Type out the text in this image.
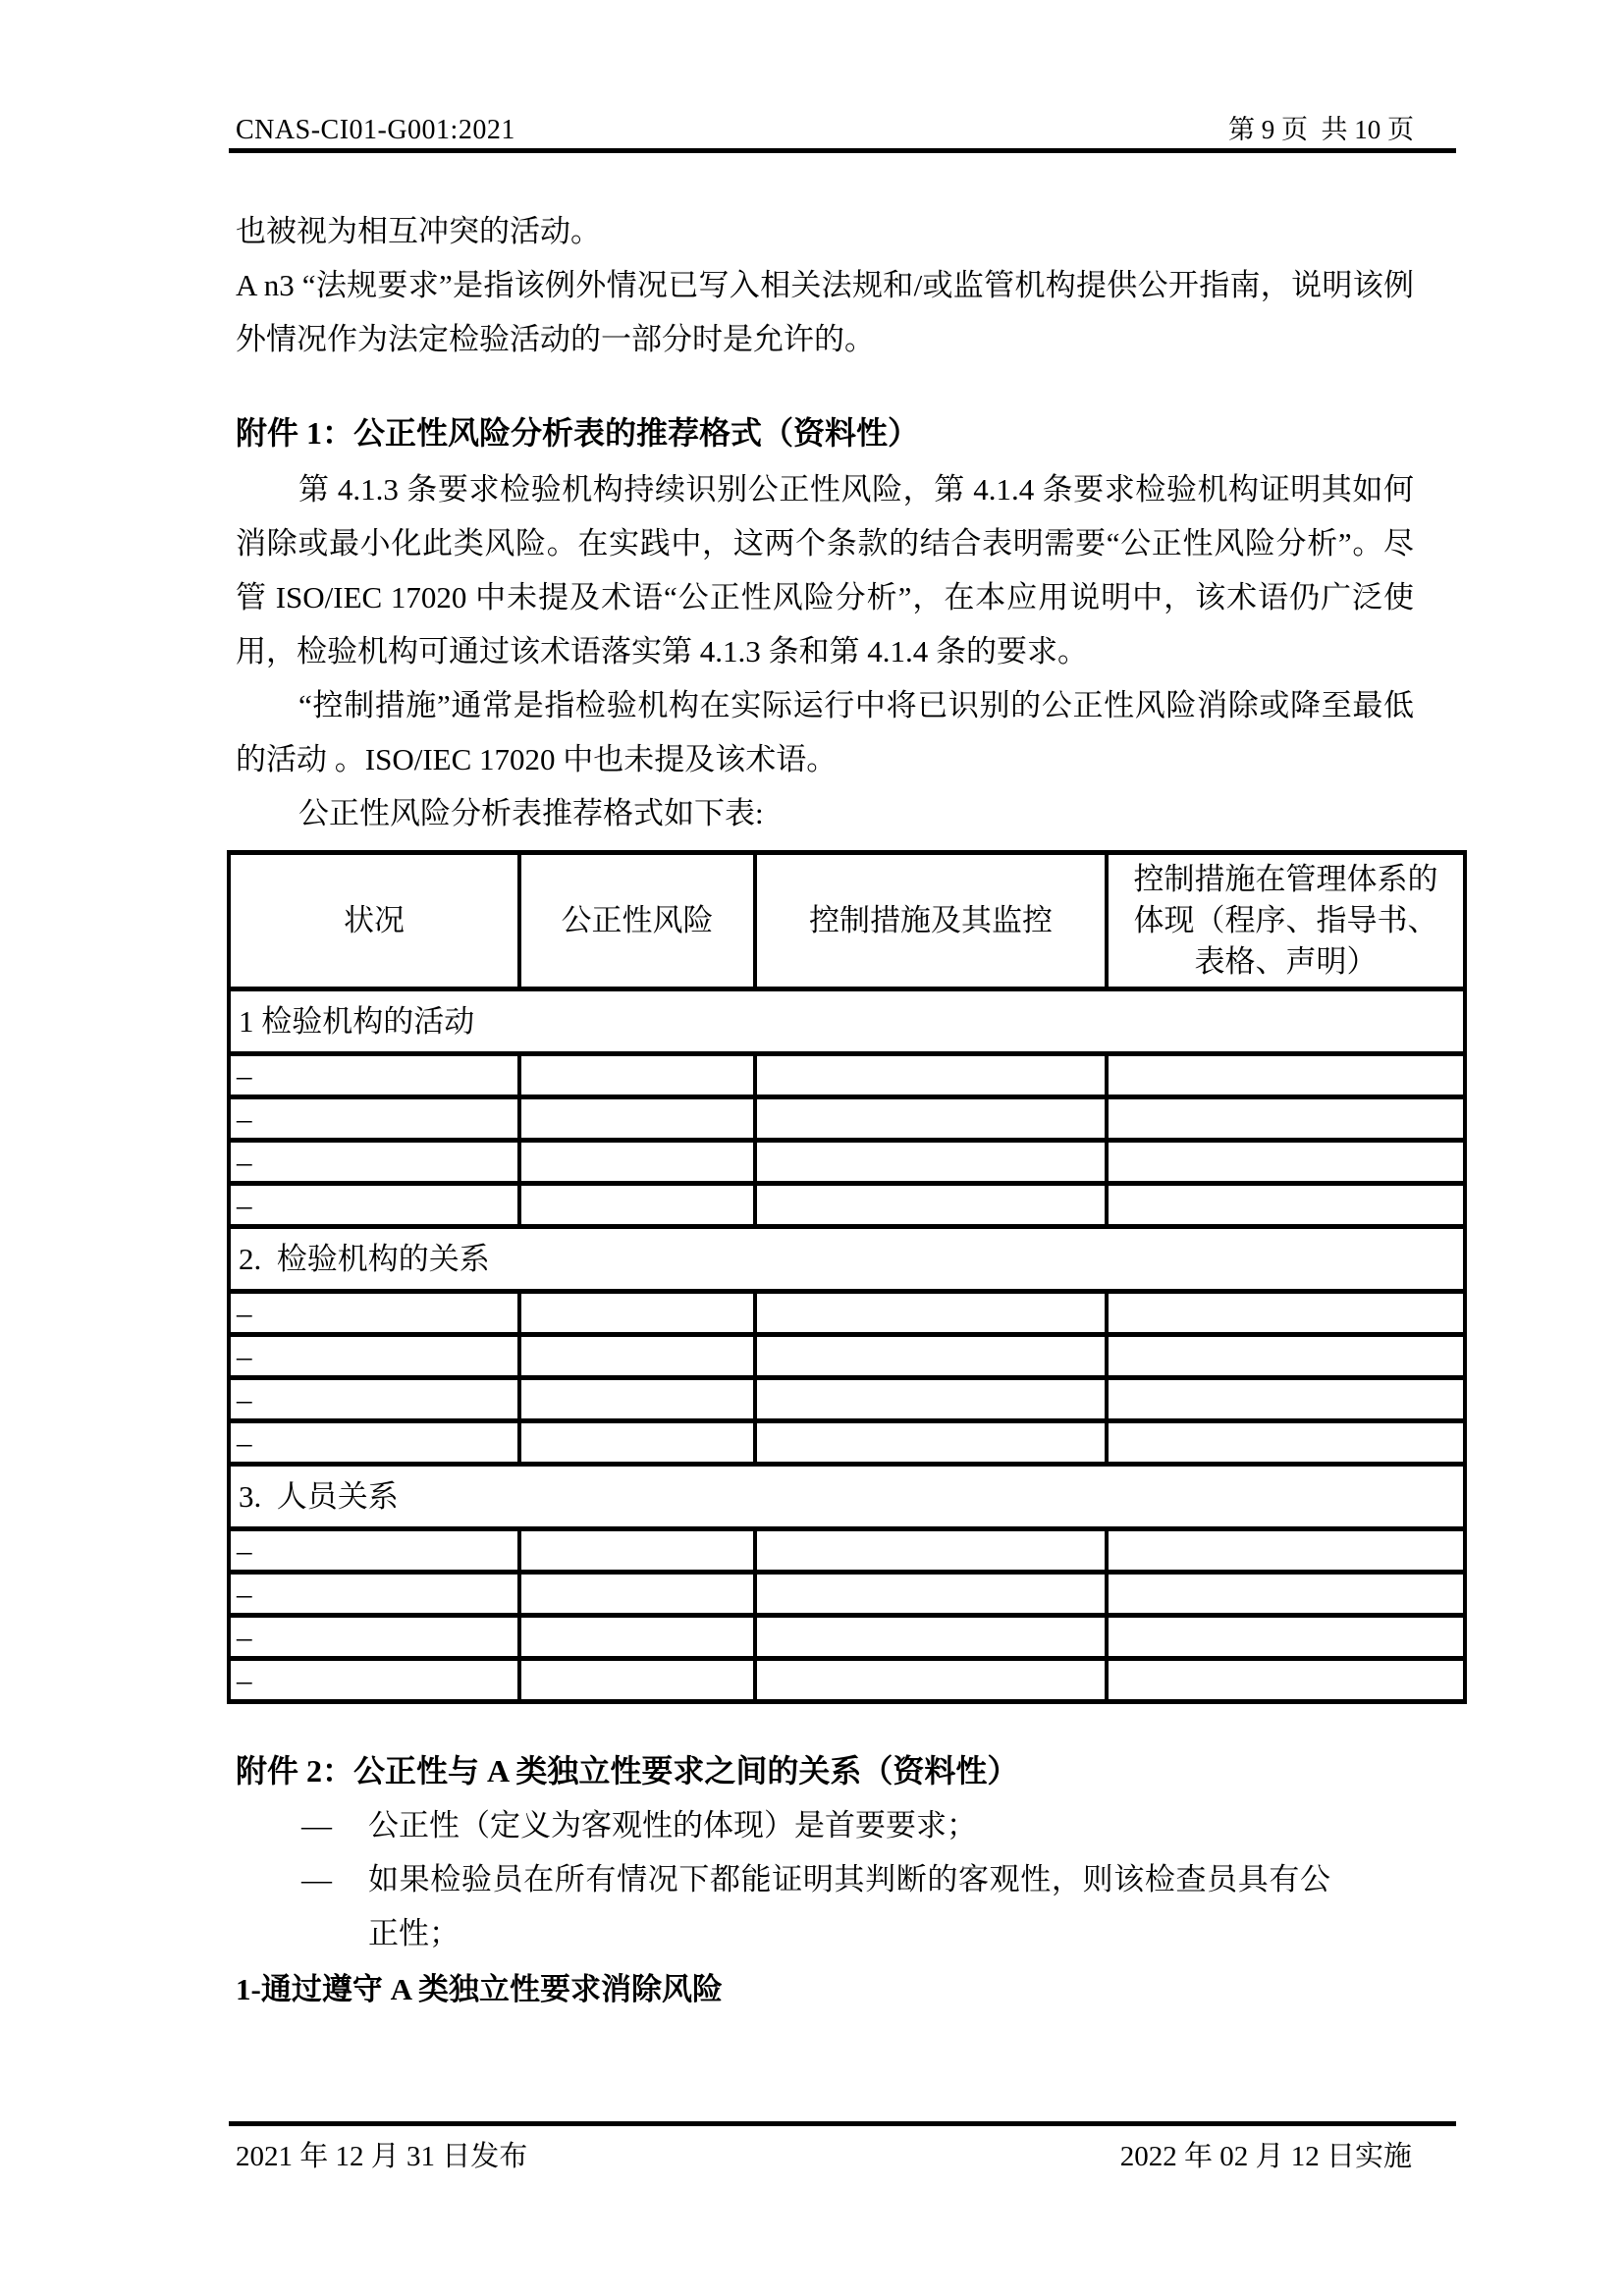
CNAS-CI01-G001:2021	第 9 页  共 10 页

也被视为相互冲突的活动。

A n3 “法规要求”是指该例外情况已写入相关法规和/或监管机构提供公开指南，说明该例外情况作为法定检验活动的一部分时是允许的。

附件 1：公正性风险分析表的推荐格式（资料性）

第 4.1.3 条要求检验机构持续识别公正性风险，第 4.1.4 条要求检验机构证明其如何消除或最小化此类风险。在实践中，这两个条款的结合表明需要“公正性风险分析”。尽管 ISO/IEC 17020 中未提及术语“公正性风险分析”，在本应用说明中，该术语仍广泛使用，检验机构可通过该术语落实第 4.1.3 条和第 4.1.4 条的要求。

“控制措施”通常是指检验机构在实际运行中将已识别的公正性风险消除或降至最低的活动 。ISO/IEC 17020 中也未提及该术语。

公正性风险分析表推荐格式如下表:

状况	公正性风险	控制措施及其监控	控制措施在管理体系的体现（程序、指导书、表格、声明）
1 检验机构的活动			
–			
–			
–			
–			
2.  检验机构的关系			
–			
–			
–			
–			
3.  人员关系			
–			
–			
–			
–			
附件 2：公正性与 A 类独立性要求之间的关系（资料性）
—	公正性（定义为客观性的体现）是首要要求；
—	如果检验员在所有情况下都能证明其判断的客观性，则该检查员具有公正性；
1-通过遵守 A 类独立性要求消除风险
2021 年 12 月 31 日发布	2022 年 02 月 12 日实施
